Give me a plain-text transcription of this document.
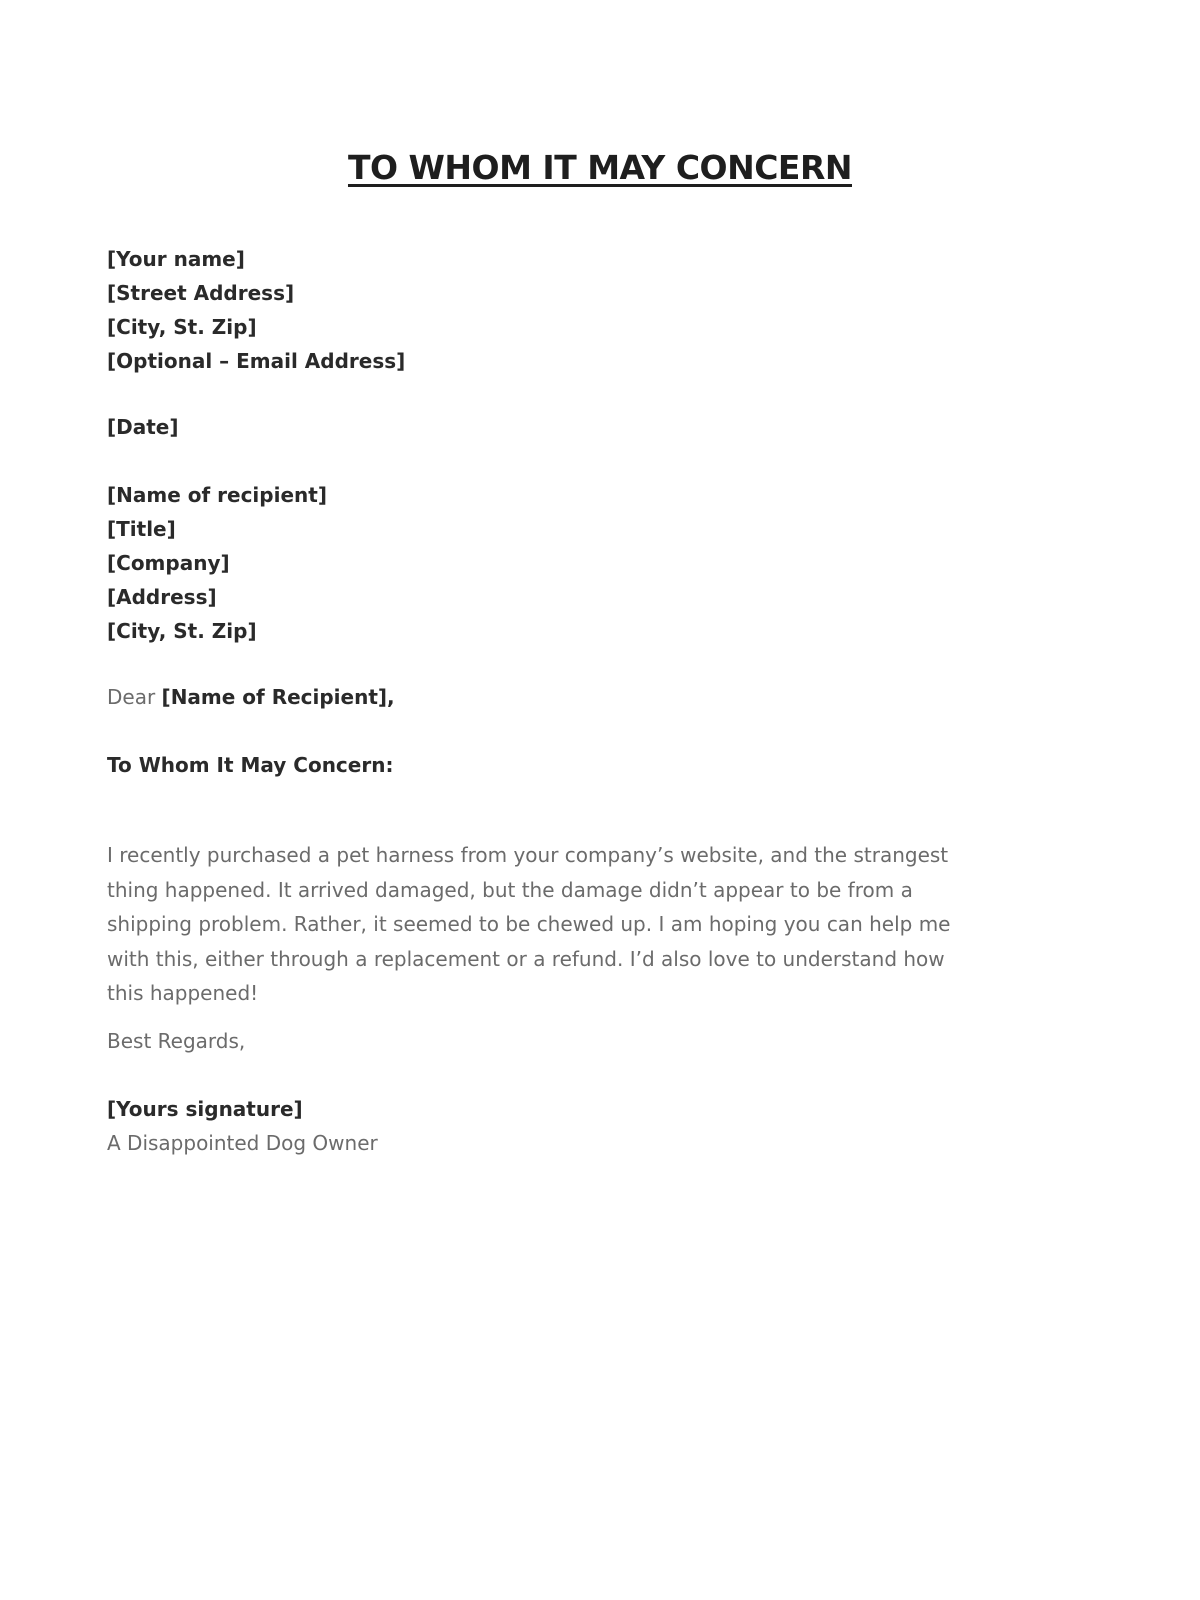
TO WHOM IT MAY CONCERN
[Your name]
[Street Address]
[City, St. Zip]
[Optional – Email Address]
[Date]
[Name of recipient]
[Title]
[Company]
[Address]
[City, St. Zip]
Dear [Name of Recipient],
To Whom It May Concern:

I recently purchased a pet harness from your company’s website, and the strangest
thing happened. It arrived damaged, but the damage didn’t appear to be from a
shipping problem. Rather, it seemed to be chewed up. I am hoping you can help me
with this, either through a replacement or a refund. I’d also love to understand how
this happened!

Best Regards,
[Yours signature]
A Disappointed Dog Owner
